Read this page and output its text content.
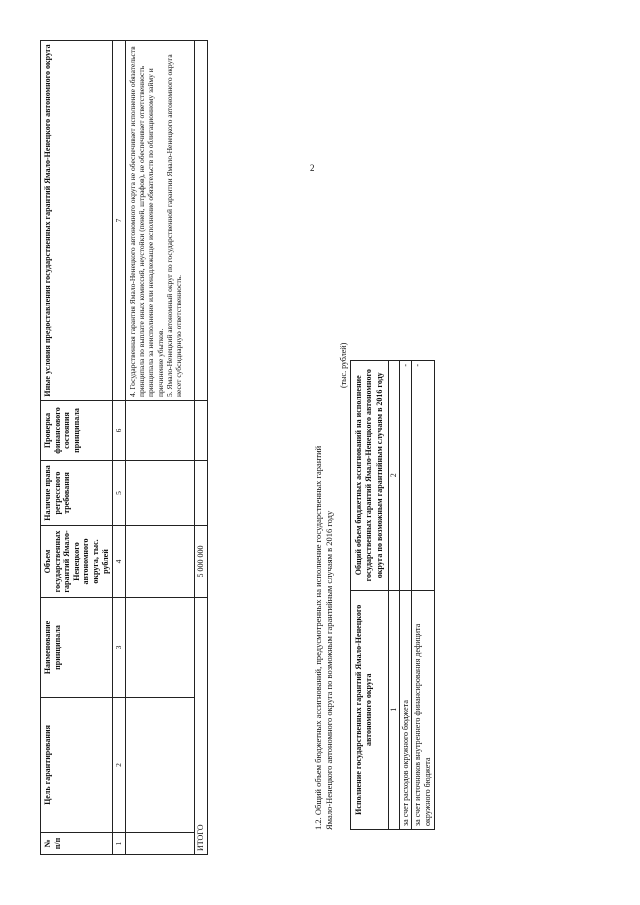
2
№ п/п	Цель гарантирования	Наименование принципала	Объем государственных гарантий Ямало-Ненецкого автономного округа, тыс. рублей	Наличие права регрессного требования	Проверка финансового состояния принципала	Иные условия предоставления государственных гарантий Ямало-Ненецкого автономного округа
1	2	3	4	5	6	7

						4. Государственная гарантия Ямало-Ненецкого автономного округа не обеспечивает исполнение обязательств принципала по выплате иных комиссий, неустойки (пеней, штрафов), не обеспечивает ответственность принципала за неисполнение или ненадлежащее исполнение обязательств по облигационному займу и причинение убытков. 5. Ямало-Ненецкий автономный округ по государственной гарантии Ямало-Ненецкого автономного округа несет субсидиарную ответственность.

ИТОГО			5 000 000				1.2. Общий объем бюджетных ассигнований, предусмотренных на исполнение государственных гарантий Ямало-Ненецкого автономного округа по возможным гарантийным случаям в 2016 году
(тыс. рублей)
Исполнение государственных гарантий Ямало-Ненецкого автономного округа	Общий объем бюджетных ассигнований на исполнение государственных гарантий Ямало-Ненецкого автономного округа по возможным гарантийным случаям в 2016 году
1	2
за счет расходов окружного бюджета	-
за счет источников внутреннего финансирования дефицита окружного бюджета	-
